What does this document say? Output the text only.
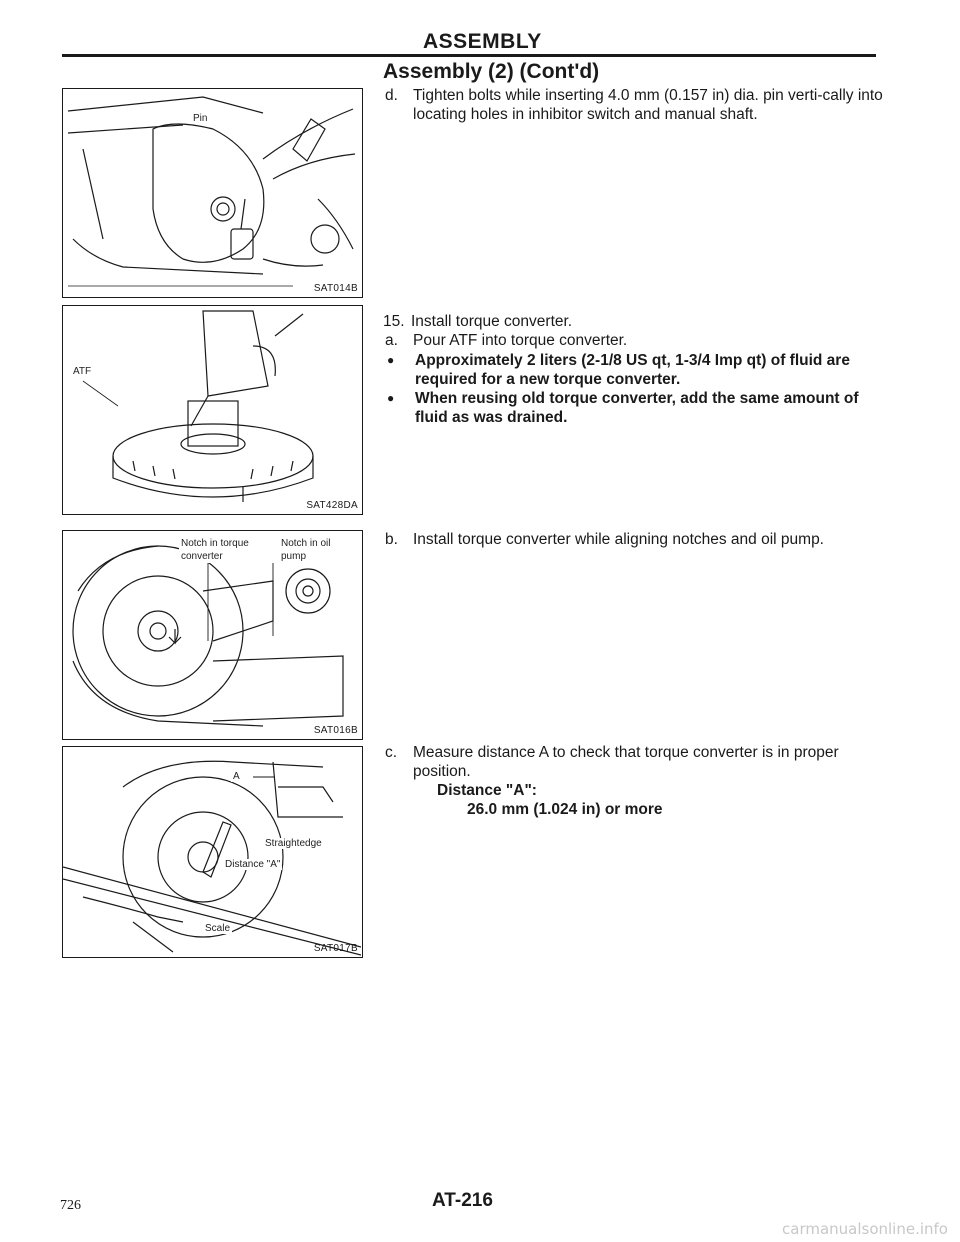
ASSEMBLY
Assembly (2) (Cont'd)
Pin
SAT014B
ATF
SAT428DA
Notch in torque converter
Notch in oil pump
SAT016B
A
Straightedge
Distance "A"
Scale
SAT017B
d. Tighten bolts while inserting 4.0 mm (0.157 in) dia. pin verti-cally into locating holes in inhibitor switch and manual shaft.
15. Install torque converter.
a. Pour ATF into torque converter.
● Approximately 2 liters (2-1/8 US qt, 1-3/4 Imp qt) of fluid are required for a new torque converter.
● When reusing old torque converter, add the same amount of fluid as was drained.
b. Install torque converter while aligning notches and oil pump.
c. Measure distance A to check that torque converter is in proper position.
Distance "A":
26.0 mm (1.024 in) or more
726	AT-216
carmanualsonline.info
